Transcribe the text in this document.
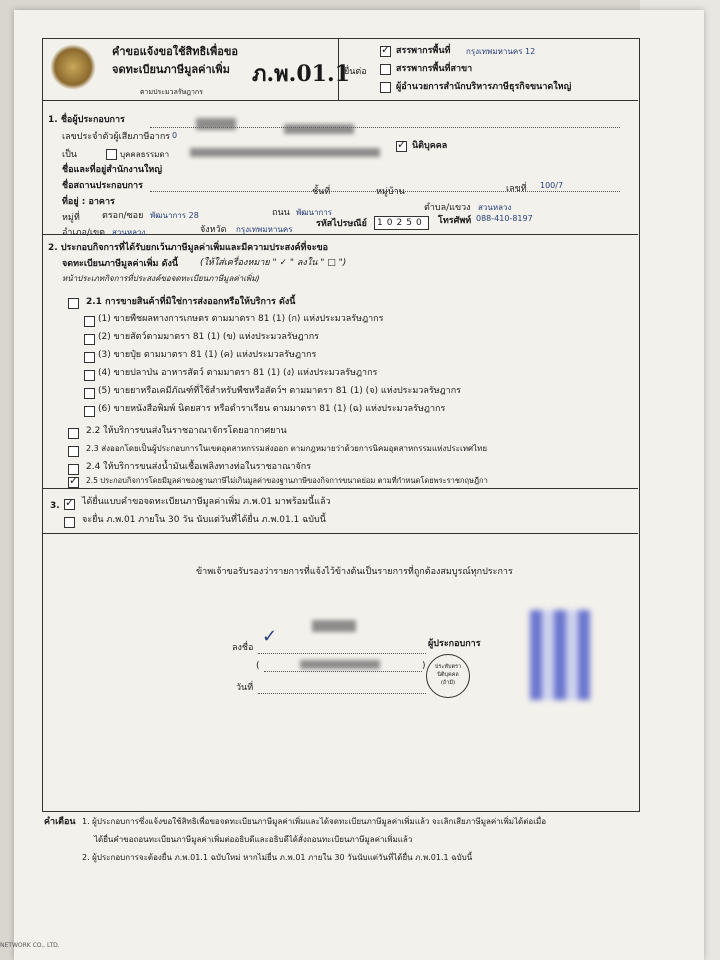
คำขอแจ้งขอใช้สิทธิเพื่อขอ
จดทะเบียนภาษีมูลค่าเพิ่ม
ตามประมวลรัษฎากร
ภ.พ.01.1
ยื่นต่อ
✓
สรรพากรพื้นที่ กรุงเทพมหานคร 12
สรรพากรพื้นที่สาขา
ผู้อำนวยการสำนักบริหารภาษีธุรกิจขนาดใหญ่
1. ชื่อผู้ประกอบการ
เลขประจำตัวผู้เสียภาษีอากร 0
เป็น	บุคคลธรรมดา
✓
นิติบุคคล
ชื่อและที่อยู่สำนักงานใหญ่
ชื่อสถานประกอบการ
ที่อยู่ : อาคาร
ชั้นที่	หมู่บ้าน	เลขที่ 100/7
หมู่ที่ ตรอก/ซอย พัฒนาการ 28	ถนน พัฒนาการ	ตำบล/แขวง สวนหลวง
อำเภอ/เขต สวนหลวง	จังหวัด กรุงเทพมหานคร
รหัสไปรษณีย์	10250	โทรศัพท์ 088-410-8197
2. ประกอบกิจการที่ได้รับยกเว้นภาษีมูลค่าเพิ่มและมีความประสงค์ที่จะขอ
จดทะเบียนภาษีมูลค่าเพิ่ม ดังนี้ (ให้ใส่เครื่องหมาย " ✓ " ลงใน " □ ")
หน้าประเภทกิจการที่ประสงค์ขอจดทะเบียนภาษีมูลค่าเพิ่ม)
2.1 การขายสินค้าที่มิใช่การส่งออกหรือให้บริการ ดังนี้
(1) ขายพืชผลทางการเกษตร ตามมาตรา 81 (1) (ก) แห่งประมวลรัษฎากร
(2) ขายสัตว์ตามมาตรา 81 (1) (ข) แห่งประมวลรัษฎากร
(3) ขายปุ๋ย ตามมาตรา 81 (1) (ค) แห่งประมวลรัษฎากร
(4) ขายปลาป่น อาหารสัตว์ ตามมาตรา 81 (1) (ง) แห่งประมวลรัษฎากร
(5) ขายยาหรือเคมีภัณฑ์ที่ใช้สำหรับพืชหรือสัตว์ฯ ตามมาตรา 81 (1) (จ) แห่งประมวลรัษฎากร
(6) ขายหนังสือพิมพ์ นิตยสาร หรือตำราเรียน ตามมาตรา 81 (1) (ฉ) แห่งประมวลรัษฎากร
2.2 ให้บริการขนส่งในราชอาณาจักรโดยอากาศยาน
2.3 ส่งออกโดยเป็นผู้ประกอบการในเขตอุตสาหกรรมส่งออก ตามกฎหมายว่าด้วยการนิคมอุตสาหกรรมแห่งประเทศไทย
2.4 ให้บริการขนส่งน้ำมันเชื้อเพลิงทางท่อในราชอาณาจักร
✓
2.5 ประกอบกิจการโดยมีมูลค่าของฐานภาษีไม่เกินมูลค่าของฐานภาษีของกิจการขนาดย่อม ตามที่กำหนดโดยพระราชกฤษฎีกา
3.
✓ ได้ยื่นแบบคำขอจดทะเบียนภาษีมูลค่าเพิ่ม ภ.พ.01 มาพร้อมนี้แล้ว
จะยื่น ภ.พ.01 ภายใน 30 วัน นับแต่วันที่ได้ยื่น ภ.พ.01.1 ฉบับนี้
ข้าพเจ้าขอรับรองว่ารายการที่แจ้งไว้ข้างต้นเป็นรายการที่ถูกต้องสมบูรณ์ทุกประการ
ลงชื่อ
✓	ผู้ประกอบการ
(	)
วันที่
ประทับตรา
นิติบุคคล
(ถ้ามี)
คำเตือน 1. ผู้ประกอบการซึ่งแจ้งขอใช้สิทธิเพื่อขอจดทะเบียนภาษีมูลค่าเพิ่มและได้จดทะเบียนภาษีมูลค่าเพิ่มแล้ว จะเลิกเสียภาษีมูลค่าเพิ่มได้ต่อเมื่อ
ได้ยื่นคำขอถอนทะเบียนภาษีมูลค่าเพิ่มต่ออธิบดีและอธิบดีได้สั่งถอนทะเบียนภาษีมูลค่าเพิ่มแล้ว
2. ผู้ประกอบการจะต้องยื่น ภ.พ.01.1 ฉบับใหม่ หากไม่ยื่น ภ.พ.01 ภายใน 30 วันนับแต่วันที่ได้ยื่น ภ.พ.01.1 ฉบับนี้
NETWORK CO., LTD.
